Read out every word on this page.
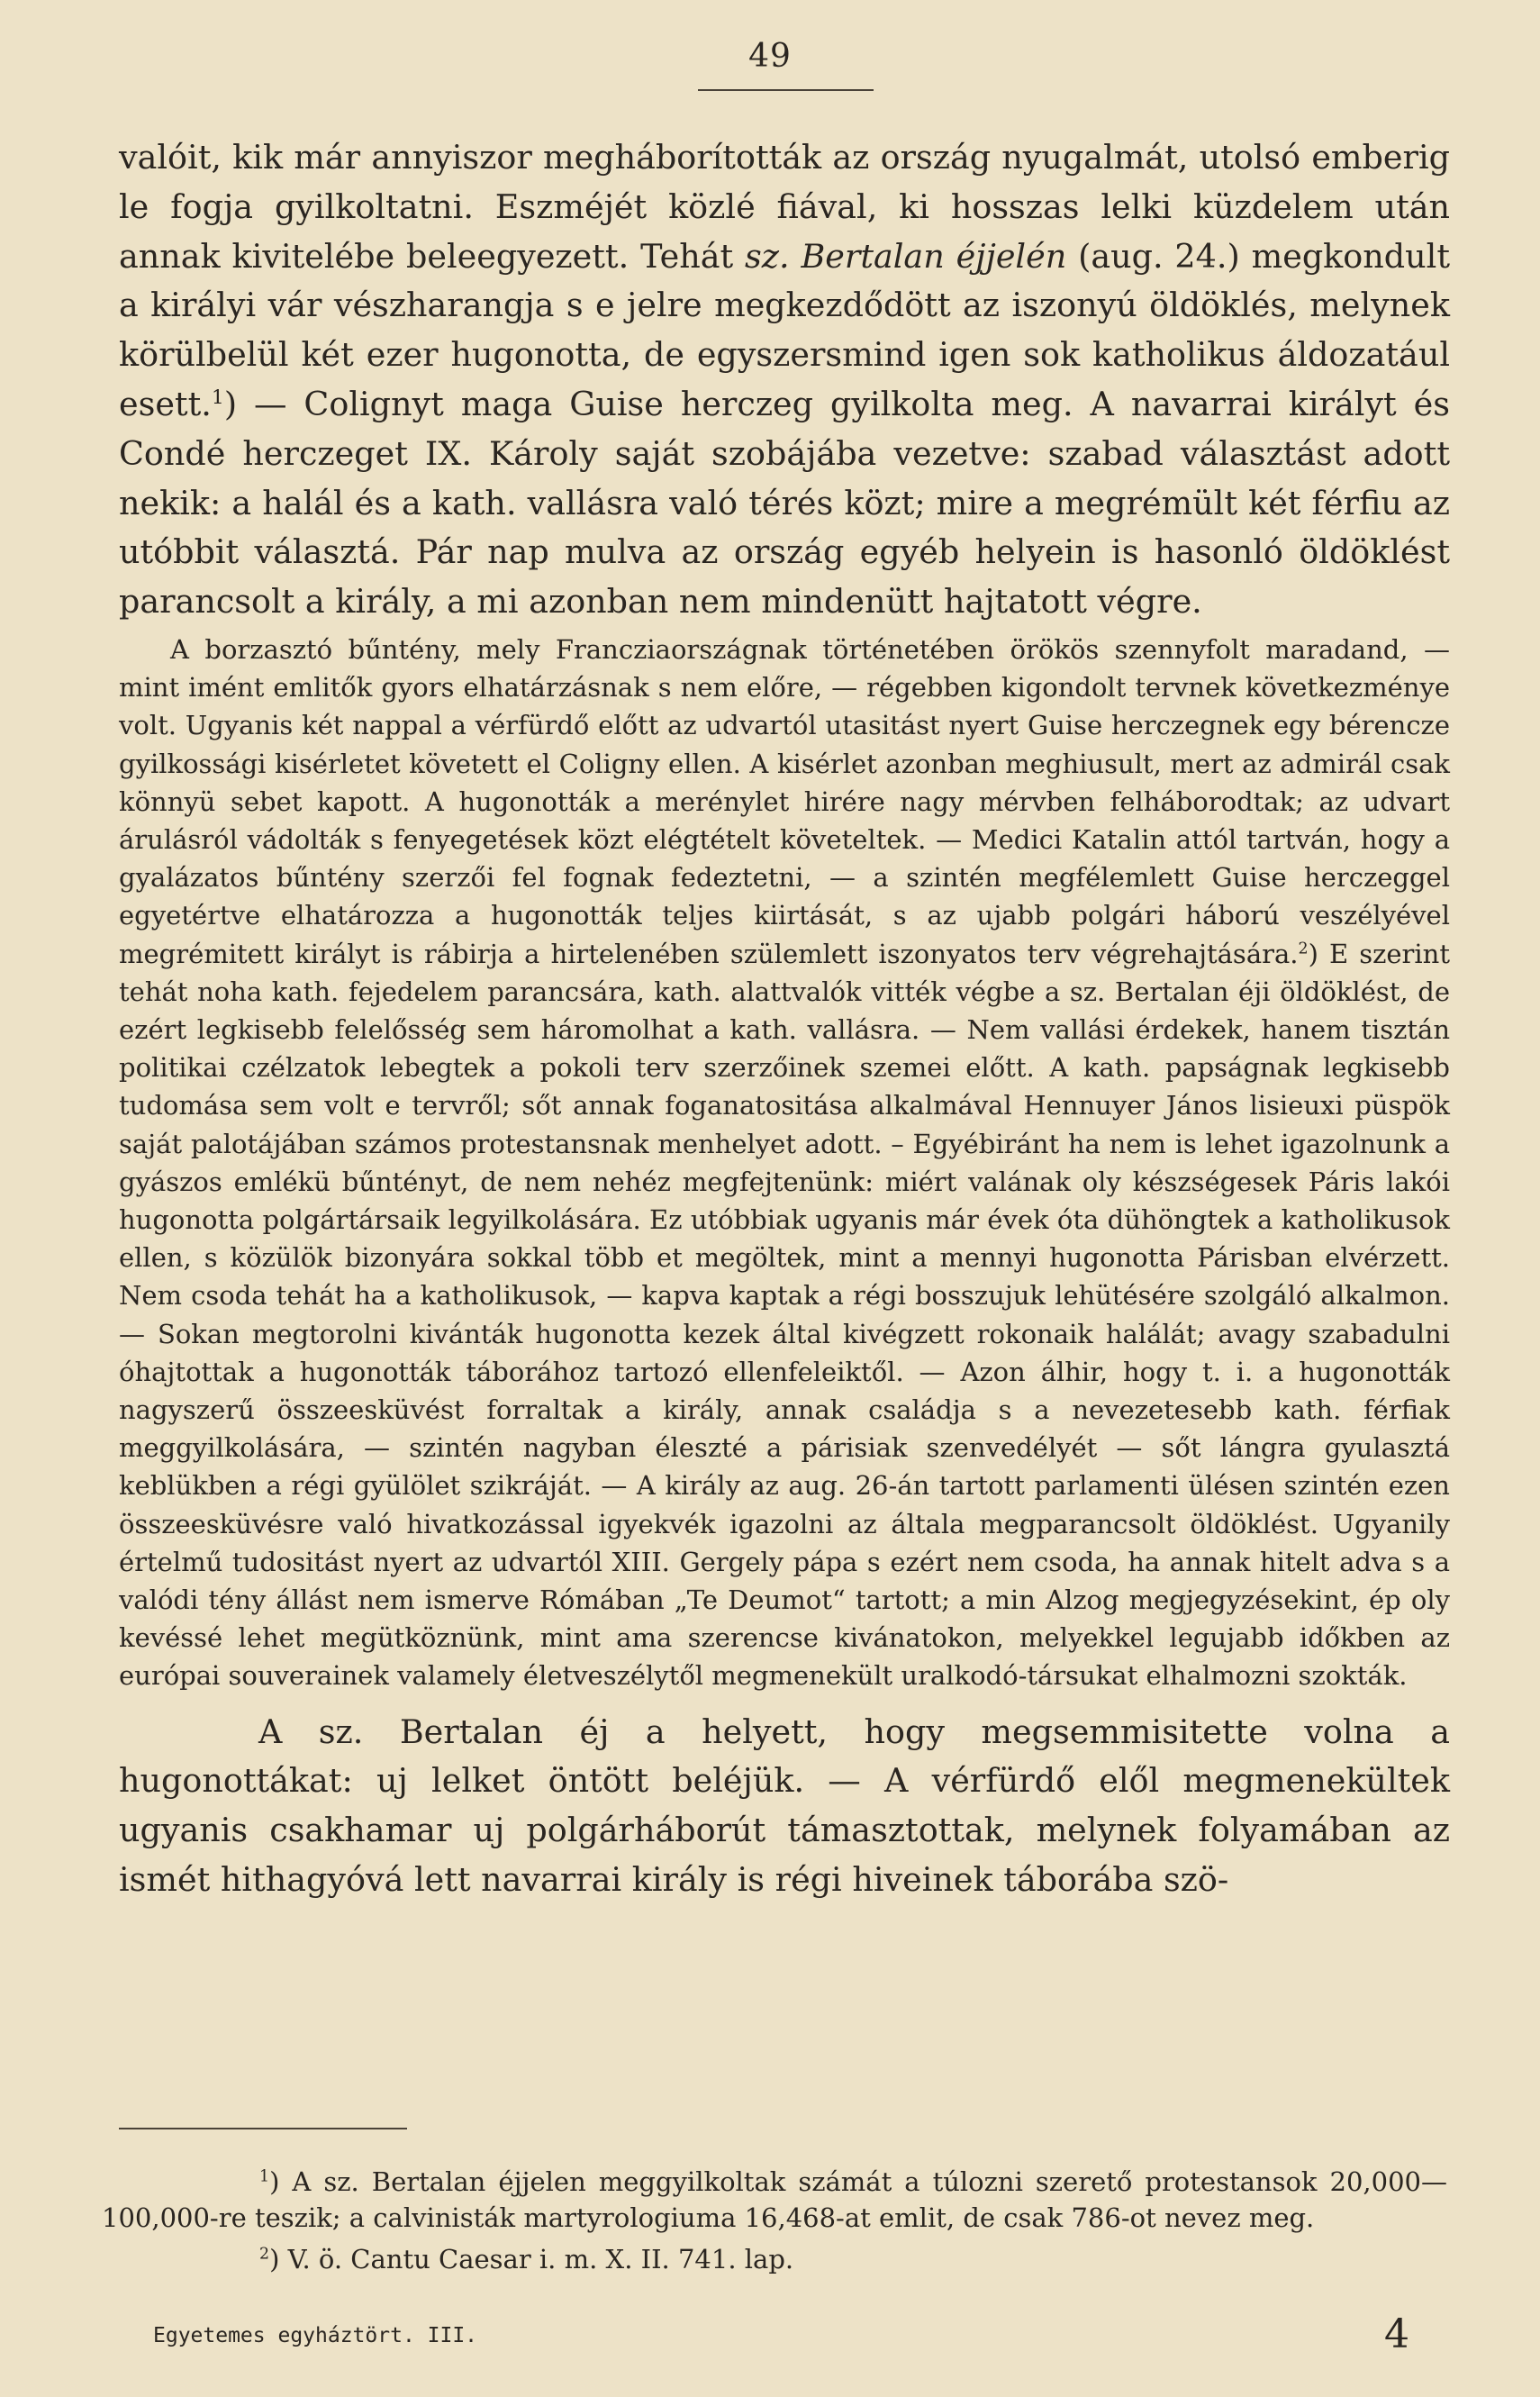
49

valóit, kik már annyiszor megháborították az ország nyugalmát, utolsó emberig le fogja gyilkoltatni. Eszméjét közlé fiával, ki hosszas lelki küzdelem után annak kivitelébe beleegyezett. Tehát sz. Bertalan éjjelén (aug. 24.) megkondult a királyi vár vészharangja s e jelre megkezdődött az iszonyú öldöklés, melynek körülbelül két ezer hugonotta, de egyszersmind igen sok katholikus áldozatául esett.$^1$) — Colignyt maga Guise herczeg gyilkolta meg. A navarrai királyt és Condé herczeget IX. Károly saját szobájába vezetve: szabad választást adott nekik: a halál és a kath. vallásra való térés közt; mire a megrémült két férfiu az utóbbit választá. Pár nap mulva az ország egyéb helyein is hasonló öldöklést parancsolt a király, a mi azonban nem mindenütt hajtatott végre.

A borzasztó bűntény, mely Francziaországnak történetében örökös szennyfolt maradand, — mint imént emlitők gyors elhatárzásnak s nem előre, — régebben kigondolt tervnek következménye volt. Ugyanis két nappal a vérfürdő előtt az udvartól utasitást nyert Guise herczegnek egy bérencze gyilkossági kisérletet követett el Coligny ellen. A kisérlet azonban meghiusult, mert az admirál csak könnyü sebet kapott. A hugonották a merénylet hirére nagy mérvben felháborodtak; az udvart árulásról vádolták s fenyegetések közt elégtételt követeltek. — Medici Katalin attól tartván, hogy a gyalázatos bűntény szerzői fel fognak fedeztetni, — a szintén megfélemlett Guise herczeggel egyetértve elhatározza a hugonották teljes kiirtását, s az ujabb polgári háború veszélyével megrémitett királyt is rábirja a hirtelenében szülemlett iszonyatos terv végrehajtására.$^2$) E szerint tehát noha kath. fejedelem parancsára, kath. alattvalók vitték végbe a sz. Bertalan éji öldöklést, de ezért legkisebb felelősség sem háromolhat a kath. vallásra. — Nem vallási érdekek, hanem tisztán politikai czélzatok lebegtek a pokoli terv szerzőinek szemei előtt. A kath. papságnak legkisebb tudomása sem volt e tervről; sőt annak foganatositása alkalmával Hennuyer János lisieuxi püspök saját palotájában számos protestansnak menhelyet adott. – Egyébiránt ha nem is lehet igazolnunk a gyászos emlékü bűntényt, de nem nehéz megfejtenünk: miért valának oly készségesek Páris lakói hugonotta polgártársaik legyilkolására. Ez utóbbiak ugyanis már évek óta dühöngtek a katholikusok ellen, s közülök bizonyára sokkal több et megöltek, mint a mennyi hugonotta Párisban elvérzett. Nem csoda tehát ha a katholikusok, — kapva kaptak a régi bosszujuk lehütésére szolgáló alkalmon. — Sokan megtorolni kivánták hugonotta kezek által kivégzett rokonaik halálát; avagy szabadulni óhajtottak a hugonották táborához tartozó ellenfeleiktől. — Azon álhir, hogy t. i. a hugonották nagyszerű összeesküvést forraltak a király, annak családja s a nevezetesebb kath. férfiak meggyilkolására, — szintén nagyban éleszté a párisiak szenvedélyét — sőt lángra gyulasztá keblükben a régi gyülölet szikráját. — A király az aug. 26-án tartott parlamenti ülésen szintén ezen összeesküvésre való hivatkozással igyekvék igazolni az általa megparancsolt öldöklést. Ugyanily értelmű tudositást nyert az udvartól XIII. Gergely pápa s ezért nem csoda, ha annak hitelt adva s a valódi tény állást nem ismerve Rómában „Te Deumot“ tartott; a min Alzog megjegyzésekint, ép oly kevéssé lehet megütköznünk, mint ama szerencse kivánatokon, melyekkel legujabb időkben az európai souverainek valamely életveszélytől megmenekült uralkodó-társukat elhalmozni szokták.

A sz. Bertalan éj a helyett, hogy megsemmisitette volna a hugonottákat: uj lelket öntött beléjük. — A vérfürdő elől megmenekültek ugyanis csakhamar uj polgárháborút támasztottak, melynek folyamában az ismét hithagyóvá lett navarrai király is régi hiveinek táborába szö-

$^1$) A sz. Bertalan éjjelen meggyilkoltak számát a túlozni szerető protestansok 20,000—100,000-re teszik; a calvinisták martyrologiuma 16,468-at emlit, de csak 786-ot nevez meg.

$^2$) V. ö. Cantu Caesar i. m. X. II. 741. lap.

Egyetemes egyháztört. III.	4
